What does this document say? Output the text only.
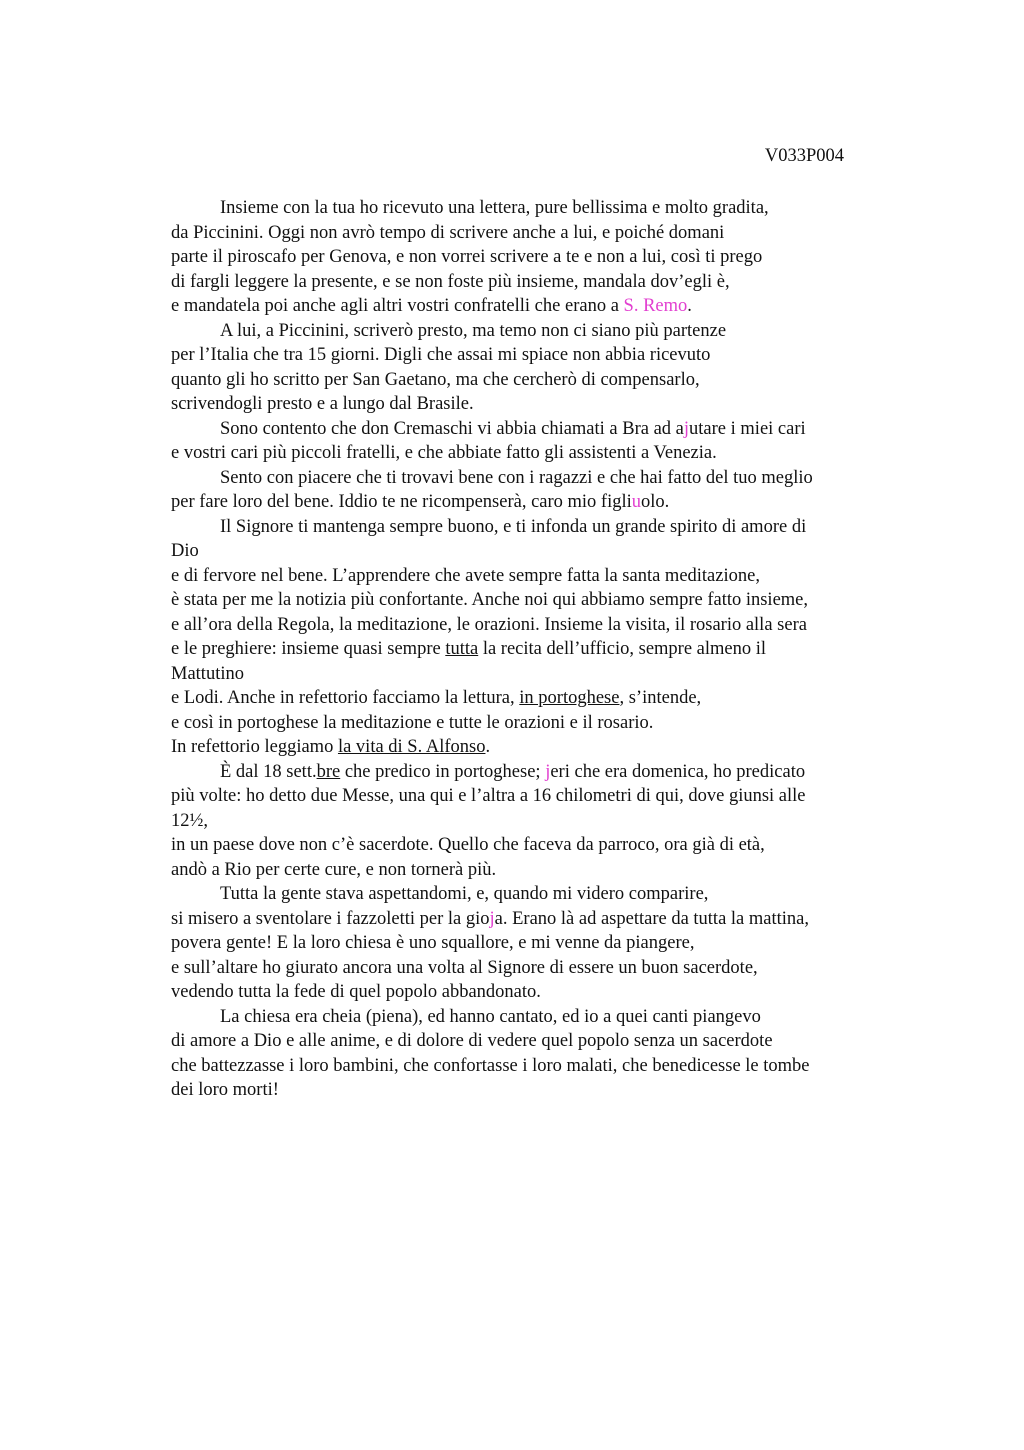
V033P004
Insieme con la tua ho ricevuto una lettera, pure bellissima e molto gradita,
da Piccinini. Oggi non avrò tempo di scrivere anche a lui, e poiché domani
parte il piroscafo per Genova, e non vorrei scrivere a te e non a lui, così ti prego
di fargli leggere la presente, e se non foste più insieme, mandala dov’egli è,
e mandatela poi anche agli altri vostri confratelli che erano a S. Remo.
A lui, a Piccinini, scriverò presto, ma temo non ci siano più partenze
per l’Italia che tra 15 giorni. Digli che assai mi spiace non abbia ricevuto
quanto gli ho scritto per San Gaetano, ma che cercherò di compensarlo,
scrivendogli presto e a lungo dal Brasile.
Sono contento che don Cremaschi vi abbia chiamati a Bra ad ajutare i miei cari
e vostri cari più piccoli fratelli, e che abbiate fatto gli assistenti a Venezia.
Sento con piacere che ti trovavi bene con i ragazzi e che hai fatto del tuo meglio
per fare loro del bene. Iddio te ne ricompenserà, caro mio figliuolo.
Il Signore ti mantenga sempre buono, e ti infonda un grande spirito di amore di
Dio
e di fervore nel bene. L’apprendere che avete sempre fatta la santa meditazione,
è stata per me la notizia più confortante. Anche noi qui abbiamo sempre fatto insieme,
e all’ora della Regola, la meditazione, le orazioni. Insieme la visita, il rosario alla sera
e le preghiere: insieme quasi sempre tutta la recita dell’ufficio, sempre almeno il
Mattutino
e Lodi. Anche in refettorio facciamo la lettura, in portoghese, s’intende,
e così in portoghese la meditazione e tutte le orazioni e il rosario.
In refettorio leggiamo la vita di S. Alfonso.
È dal 18 sett.bre che predico in portoghese; jeri che era domenica, ho predicato
più volte: ho detto due Messe, una qui e l’altra a 16 chilometri di qui, dove giunsi alle
12½,
in un paese dove non c’è sacerdote. Quello che faceva da parroco, ora già di età,
andò a Rio per certe cure, e non tornerà più.
Tutta la gente stava aspettandomi, e, quando mi videro comparire,
si misero a sventolare i fazzoletti per la gioja. Erano là ad aspettare da tutta la mattina,
povera gente! E la loro chiesa è uno squallore, e mi venne da piangere,
e sull’altare ho giurato ancora una volta al Signore di essere un buon sacerdote,
vedendo tutta la fede di quel popolo abbandonato.
La chiesa era cheia (piena), ed hanno cantato, ed io a quei canti piangevo
di amore a Dio e alle anime, e di dolore di vedere quel popolo senza un sacerdote
che battezzasse i loro bambini, che confortasse i loro malati, che benedicesse le tombe
dei loro morti!
